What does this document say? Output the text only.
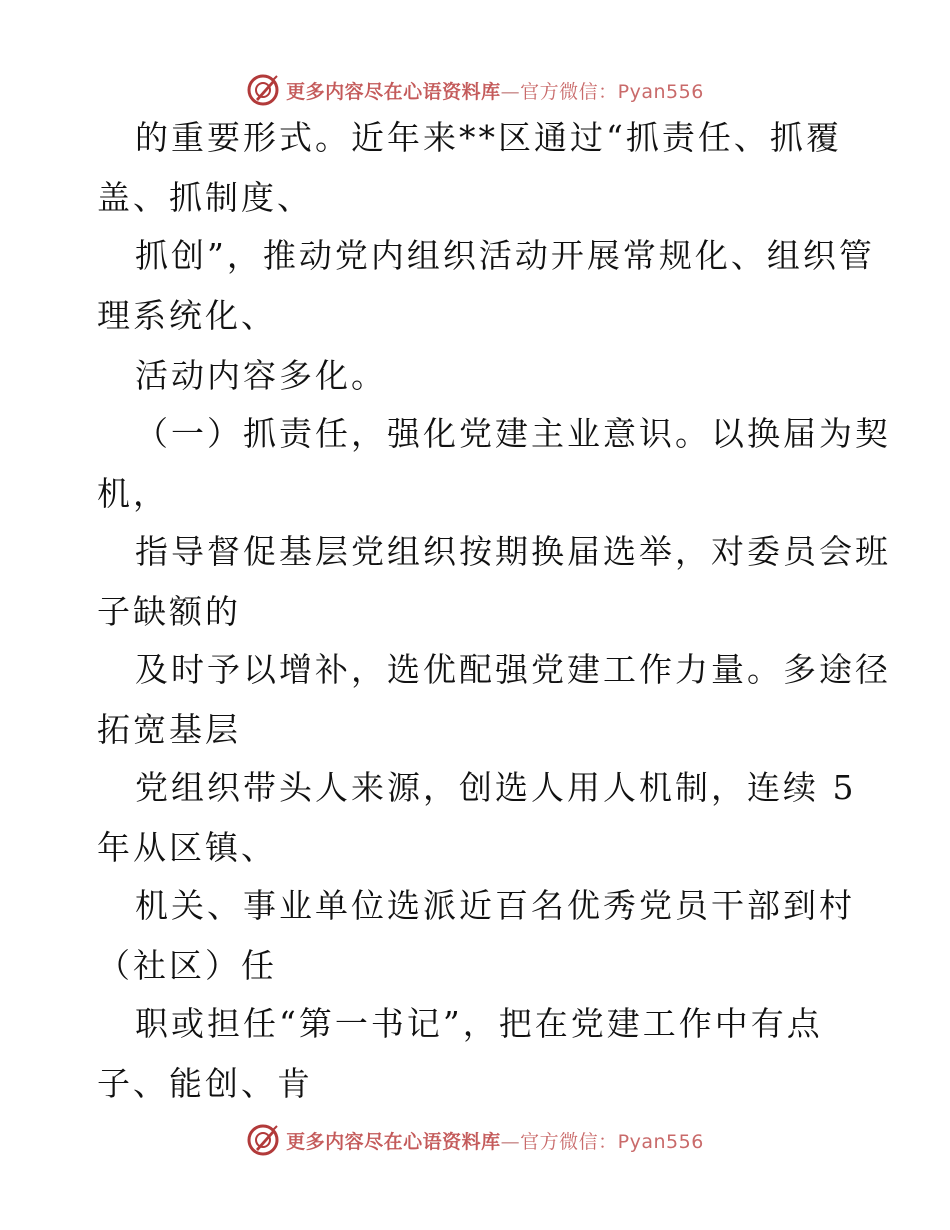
更多内容尽在心语资料库—官方微信：Pyan556
的重要形式。近年来**区通过“抓责任、抓覆
盖、抓制度、
抓创”，推动党内组织活动开展常规化、组织管
理系统化、
活动内容多化。
（一）抓责任，强化党建主业意识。以换届为契
机，
指导督促基层党组织按期换届选举，对委员会班
子缺额的
及时予以增补，选优配强党建工作力量。多途径
拓宽基层
党组织带头人来源，创选人用人机制，连续 5
年从区镇、
机关、事业单位选派近百名优秀党员干部到村
（社区）任
职或担任“第一书记”，把在党建工作中有点
子、能创、肯
更多内容尽在心语资料库—官方微信：Pyan556
